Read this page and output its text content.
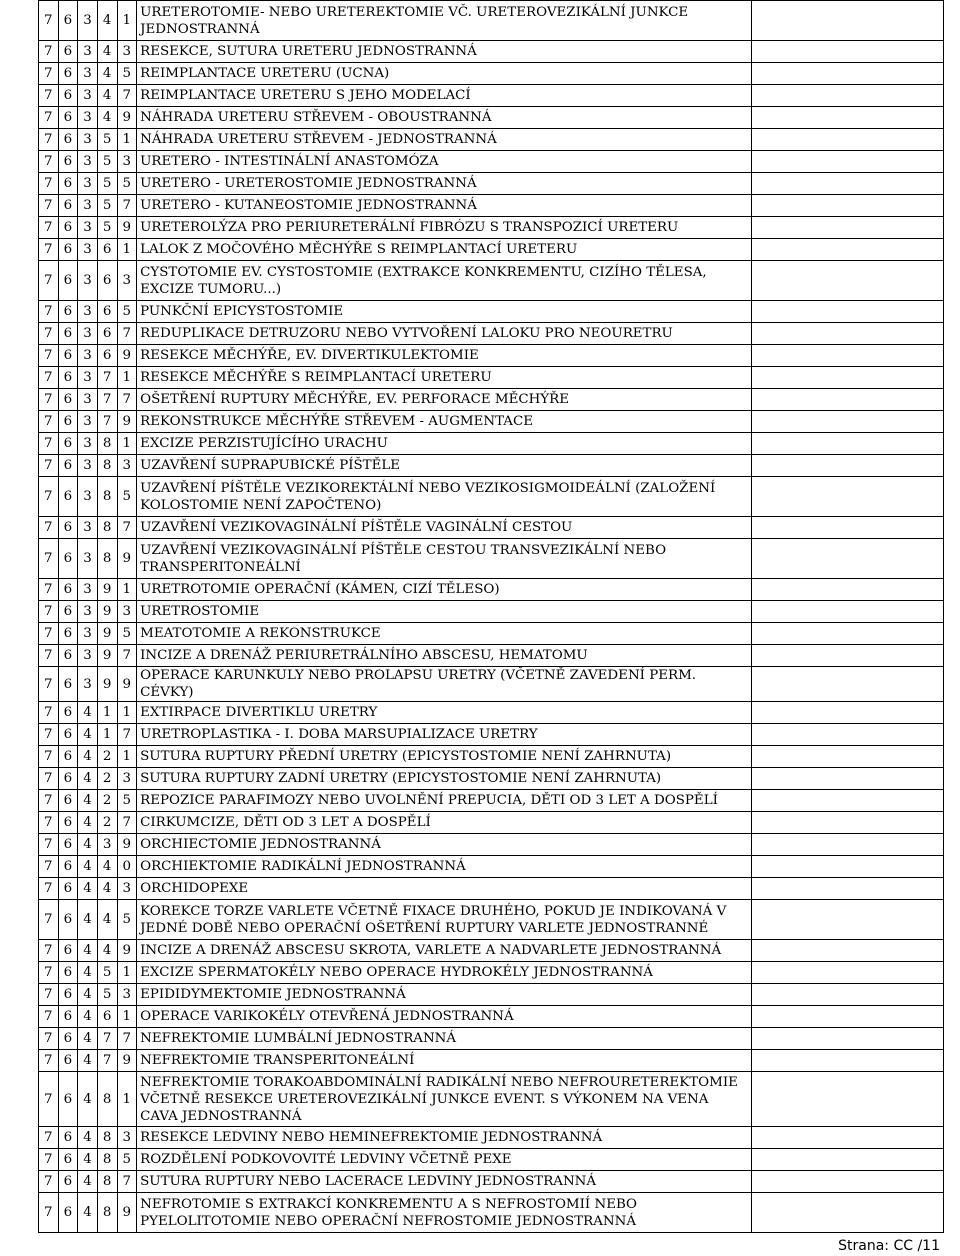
7	6	3	4	1	URETEROTOMIE- NEBO URETEREKTOMIE VČ. URETEROVEZIKÁLNÍ JUNKCE JEDNOSTRANNÁ	
7	6	3	4	3	RESEKCE, SUTURA URETERU JEDNOSTRANNÁ	
7	6	3	4	5	REIMPLANTACE URETERU (UCNA)	
7	6	3	4	7	REIMPLANTACE URETERU S JEHO MODELACÍ	
7	6	3	4	9	NÁHRADA URETERU STŘEVEM - OBOUSTRANNÁ	
7	6	3	5	1	NÁHRADA URETERU STŘEVEM - JEDNOSTRANNÁ	
7	6	3	5	3	URETERO - INTESTINÁLNÍ ANASTOMÓZA	
7	6	3	5	5	URETERO - URETEROSTOMIE JEDNOSTRANNÁ	
7	6	3	5	7	URETERO - KUTANEOSTOMIE JEDNOSTRANNÁ	
7	6	3	5	9	URETEROLÝZA PRO PERIURETERÁLNÍ FIBRÓZU S TRANSPOZICÍ URETERU	
7	6	3	6	1	LALOK Z MOČOVÉHO MĚCHÝŘE S REIMPLANTACÍ URETERU	
7	6	3	6	3	CYSTOTOMIE EV. CYSTOSTOMIE (EXTRAKCE KONKREMENTU, CIZÍHO TĚLESA, EXCIZE TUMORU...)	
7	6	3	6	5	PUNKČNÍ EPICYSTOSTOMIE	
7	6	3	6	7	REDUPLIKACE DETRUZORU NEBO VYTVOŘENÍ LALOKU PRO NEOURETRU	
7	6	3	6	9	RESEKCE MĚCHÝŘE, EV. DIVERTIKULEKTOMIE	
7	6	3	7	1	RESEKCE MĚCHÝŘE S REIMPLANTACÍ URETERU	
7	6	3	7	7	OŠETŘENÍ RUPTURY MĚCHÝŘE, EV. PERFORACE MĚCHÝŘE	
7	6	3	7	9	REKONSTRUKCE MĚCHÝŘE STŘEVEM - AUGMENTACE	
7	6	3	8	1	EXCIZE PERZISTUJÍCÍHO URACHU	
7	6	3	8	3	UZAVŘENÍ SUPRAPUBICKÉ PÍŠTĚLE	
7	6	3	8	5	UZAVŘENÍ PÍŠTĚLE VEZIKOREKTÁLNÍ NEBO VEZIKOSIGMOIDEÁLNÍ (ZALOŽENÍ KOLOSTOMIE NENÍ ZAPOČTENO)	
7	6	3	8	7	UZAVŘENÍ VEZIKOVAGINÁLNÍ PÍŠTĚLE VAGINÁLNÍ CESTOU	
7	6	3	8	9	UZAVŘENÍ VEZIKOVAGINÁLNÍ PÍŠTĚLE CESTOU TRANSVEZIKÁLNÍ NEBO TRANSPERITONEÁLNÍ	
7	6	3	9	1	URETROTOMIE OPERAČNÍ (KÁMEN, CIZÍ TĚLESO)	
7	6	3	9	3	URETROSTOMIE	
7	6	3	9	5	MEATOTOMIE A REKONSTRUKCE	
7	6	3	9	7	INCIZE A DRENÁŽ PERIURETRÁLNÍHO ABSCESU, HEMATOMU	
7	6	3	9	9	OPERACE KARUNKULY NEBO PROLAPSU URETRY (VČETNĚ ZAVEDENÍ PERM. CÉVKY)	
7	6	4	1	1	EXTIRPACE DIVERTIKLU URETRY	
7	6	4	1	7	URETROPLASTIKA - I. DOBA MARSUPIALIZACE URETRY	
7	6	4	2	1	SUTURA RUPTURY PŘEDNÍ URETRY (EPICYSTOSTOMIE NENÍ ZAHRNUTA)	
7	6	4	2	3	SUTURA RUPTURY ZADNÍ URETRY (EPICYSTOSTOMIE NENÍ ZAHRNUTA)	
7	6	4	2	5	REPOZICE PARAFIMOZY NEBO UVOLNĚNÍ PREPUCIA, DĚTI OD 3 LET A DOSPĚLÍ	
7	6	4	2	7	CIRKUMCIZE, DĚTI OD 3 LET A DOSPĚLÍ	
7	6	4	3	9	ORCHIECTOMIE JEDNOSTRANNÁ	
7	6	4	4	0	ORCHIEKTOMIE RADIKÁLNÍ JEDNOSTRANNÁ	
7	6	4	4	3	ORCHIDOPEXE	
7	6	4	4	5	KOREKCE TORZE VARLETE VČETNĚ FIXACE DRUHÉHO, POKUD JE INDIKOVANÁ V JEDNÉ DOBĚ NEBO OPERAČNÍ OŠETŘENÍ RUPTURY VARLETE JEDNOSTRANNÉ	
7	6	4	4	9	INCIZE A DRENÁŽ ABSCESU SKROTA, VARLETE A NADVARLETE JEDNOSTRANNÁ	
7	6	4	5	1	EXCIZE SPERMATOKÉLY NEBO OPERACE HYDROKÉLY JEDNOSTRANNÁ	
7	6	4	5	3	EPIDIDYMEKTOMIE JEDNOSTRANNÁ	
7	6	4	6	1	OPERACE VARIKOKÉLY OTEVŘENÁ JEDNOSTRANNÁ	
7	6	4	7	7	NEFREKTOMIE LUMBÁLNÍ JEDNOSTRANNÁ	
7	6	4	7	9	NEFREKTOMIE TRANSPERITONEÁLNÍ	
7	6	4	8	1	NEFREKTOMIE TORAKOABDOMINÁLNÍ RADIKÁLNÍ NEBO NEFROURETEREKTOMIE VČETNĚ RESEKCE URETEROVEZIKÁLNÍ JUNKCE EVENT. S VÝKONEM NA VENA CAVA JEDNOSTRANNÁ	
7	6	4	8	3	RESEKCE LEDVINY NEBO HEMINEFREKTOMIE JEDNOSTRANNÁ	
7	6	4	8	5	ROZDĚLENÍ PODKOVOVITÉ LEDVINY VČETNĚ PEXE	
7	6	4	8	7	SUTURA RUPTURY NEBO LACERACE LEDVINY JEDNOSTRANNÁ	
7	6	4	8	9	NEFROTOMIE S EXTRAKCÍ KONKREMENTU A S NEFROSTOMIÍ NEBO PYELOLITOTOMIE NEBO OPERAČNÍ NEFROSTOMIE JEDNOSTRANNÁ	
Strana: CC /11
